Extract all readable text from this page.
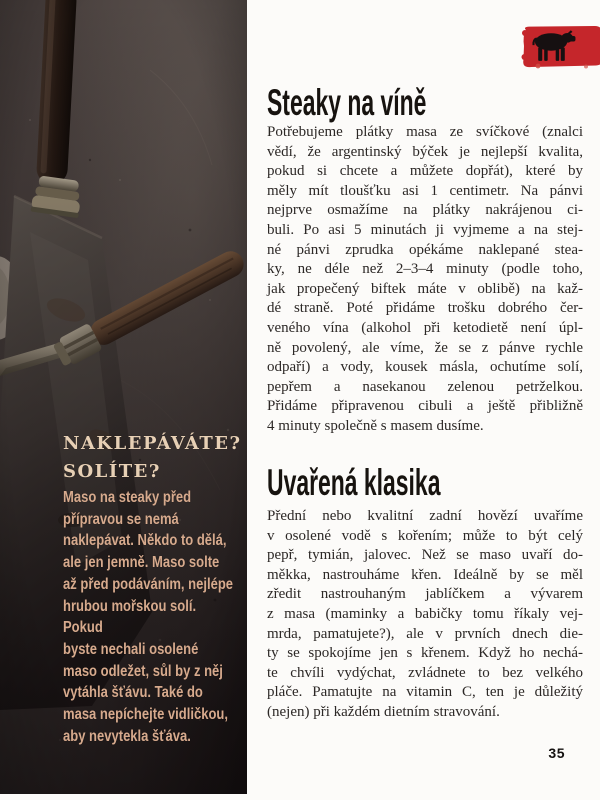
NAKLEPÁVÁTE?
SOLÍTE?
Maso na steaky před
přípravou se nemá
naklepávat. Někdo to dělá,
ale jen jemně. Maso solte
až před podáváním, nejlépe
hrubou mořskou solí. Pokud
byste nechali osolené
maso odležet, sůl by z něj
vytáhla šťávu. Také do
masa nepíchejte vidličkou,
aby nevytekla šťáva.
Steaky na víně
Potřebujeme plátky masa ze svíčkové (znalci
vědí, že argentinský býček je nejlepší kvalita,
pokud si chcete a můžete dopřát), které by
měly mít tloušťku asi 1 centimetr. Na pánvi
nejprve osmažíme na plátky nakrájenou ci-
buli. Po asi 5 minutách ji vyjmeme a na stej-
né pánvi zprudka opékáme naklepané stea-
ky, ne déle než 2–3–4 minuty (podle toho,
jak propečený biftek máte v oblibě) na kaž-
dé straně. Poté přidáme trošku dobrého čer-
veného vína (alkohol při ketodietě není úpl-
ně povolený, ale víme, že se z pánve rychle
odpaří) a vody, kousek másla, ochutíme solí,
pepřem a nasekanou zelenou petrželkou.
Přidáme připravenou cibuli a ještě přibližně
4 minuty společně s masem dusíme.
Uvařená klasika
Přední nebo kvalitní zadní hovězí uvaříme
v osolené vodě s kořením; může to být celý
pepř, tymián, jalovec. Než se maso uvaří do-
měkka, nastrouháme křen. Ideálně by se měl
zředit nastrouhaným jablíčkem a vývarem
z masa (maminky a babičky tomu říkaly vej-
mrda, pamatujete?), ale v prvních dnech die-
ty se spokojíme jen s křenem. Když ho nechá-
te chvíli vydýchat, zvládnete to bez velkého
pláče. Pamatujte na vitamin C, ten je důležitý
(nejen) při každém dietním stravování.
35
